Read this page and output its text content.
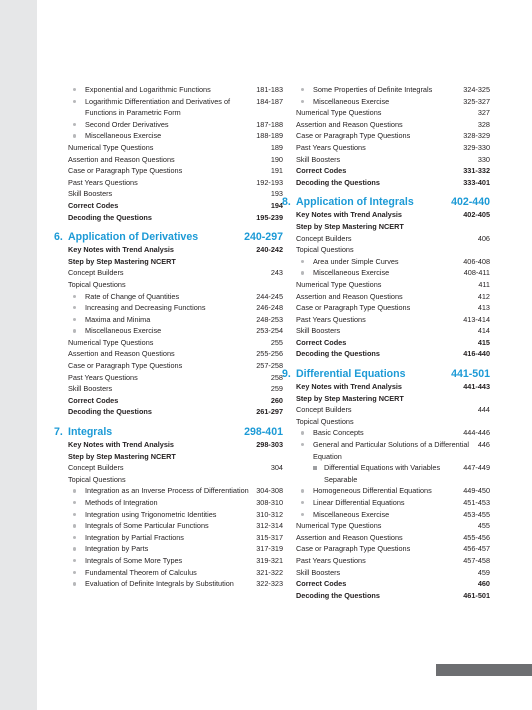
Exponential and Logarithmic Functions	181-183
Logarithmic Differentiation and Derivatives of Functions in Parametric Form
184-187
Second Order Derivatives	187-188
Miscellaneous Exercise	188-189
Numerical Type Questions	189
Assertion and Reason Questions	190
Case or Paragraph Type Questions	191
Past Years Questions	192-193
Skill Boosters	193
Correct Codes	194
Decoding the Questions	195-239
6. Application of Derivatives	240-297
Key Notes with Trend Analysis	240-242
Step by Step Mastering NCERT
Concept Builders	243
Topical Questions
Rate of Change of Quantities	244-245
Increasing and Decreasing Functions	246-248
Maxima and Minima	248-253
Miscellaneous Exercise	253-254
Numerical Type Questions	255
Assertion and Reason Questions	255-256
Case or Paragraph Type Questions	257-258
Past Years Questions	258
Skill Boosters	259
Correct Codes	260
Decoding the Questions	261-297
7. Integrals	298-401
Key Notes with Trend Analysis	298-303
Step by Step Mastering NCERT
Concept Builders	304
Topical Questions
Integration as an Inverse Process of Differentiation	304-308
Methods of Integration	308-310
Integration using Trigonometric Identities	310-312
Integrals of Some Particular Functions	312-314
Integration by Partial Fractions	315-317
Integration by Parts	317-319
Integrals of Some More Types	319-321
Fundamental Theorem of Calculus	321-322
Evaluation of Definite Integrals by Substitution	322-323
Some Properties of Definite Integrals	324-325
Miscellaneous Exercise	325-327
Numerical Type Questions	327
Assertion and Reason Questions	328
Case or Paragraph Type Questions	328-329
Past Years Questions	329-330
Skill Boosters	330
Correct Codes	331-332
Decoding the Questions	333-401
8. Application of Integrals	402-440
Key Notes with Trend Analysis	402-405
Step by Step Mastering NCERT
Concept Builders	406
Topical Questions
Area under Simple Curves	406-408
Miscellaneous Exercise	408-411
Numerical Type Questions	411
Assertion and Reason Questions	412
Case or Paragraph Type Questions	413
Past Years Questions	413-414
Skill Boosters	414
Correct Codes	415
Decoding the Questions	416-440
9. Differential Equations	441-501
Key Notes with Trend Analysis	441-443
Step by Step Mastering NCERT
Concept Builders	444
Topical Questions
Basic Concepts	444-446
General and Particular Solutions of a Differential Equation
446
Differential Equations with Variables Separable
447-449
Homogeneous Differential Equations	449-450
Linear Differential Equations	451-453
Miscellaneous Exercise	453-455
Numerical Type Questions	455
Assertion and Reason Questions	455-456
Case or Paragraph Type Questions	456-457
Past Years Questions	457-458
Skill Boosters	459
Correct Codes	460
Decoding the Questions	461-501
